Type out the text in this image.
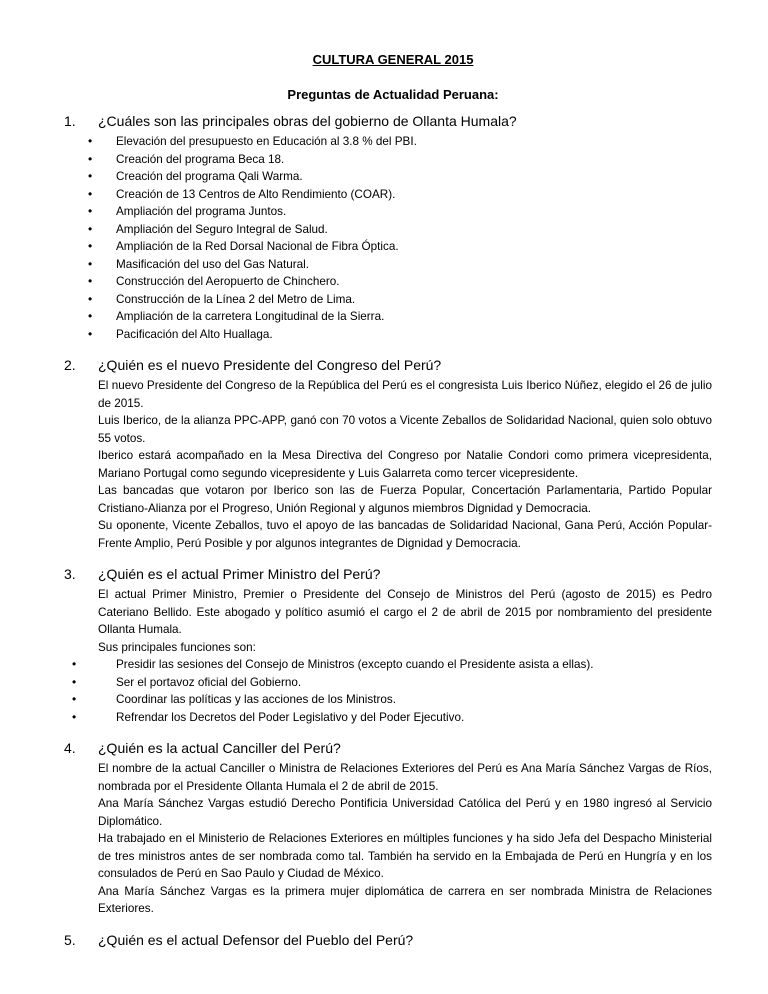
CULTURA GENERAL 2015
Preguntas de Actualidad Peruana:
1.	¿Cuáles son las principales obras del gobierno de Ollanta Humala?
• Elevación del presupuesto en Educación al 3.8 % del PBI.
• Creación del programa Beca 18.
• Creación del programa Qali Warma.
• Creación de 13 Centros de Alto Rendimiento (COAR).
• Ampliación del programa Juntos.
• Ampliación del Seguro Integral de Salud.
• Ampliación de la Red Dorsal Nacional de Fibra Óptica.
• Masificación del uso del Gas Natural.
• Construcción del Aeropuerto de Chinchero.
• Construcción de la Línea 2 del Metro de Lima.
• Ampliación de la carretera Longitudinal de la Sierra.
• Pacificación del Alto Huallaga.
2.	¿Quién es el nuevo Presidente del Congreso del Perú?
El nuevo Presidente del Congreso de la República del Perú es el congresista Luis Iberico Núñez, elegido el 26 de julio de 2015.
Luis Iberico, de la alianza PPC-APP, ganó con 70 votos a Vicente Zeballos de Solidaridad Nacional, quien solo obtuvo 55 votos.
Iberico estará acompañado en la Mesa Directiva del Congreso por Natalie Condori como primera vicepresidenta, Mariano Portugal como segundo vicepresidente y Luis Galarreta como tercer vicepresidente.
Las bancadas que votaron por Iberico son las de Fuerza Popular, Concertación Parlamentaria, Partido Popular Cristiano-Alianza por el Progreso, Unión Regional y algunos miembros Dignidad y Democracia.
Su oponente, Vicente Zeballos, tuvo el apoyo de las bancadas de Solidaridad Nacional, Gana Perú, Acción Popular-Frente Amplio, Perú Posible y por algunos integrantes de Dignidad y Democracia.
3.	¿Quién es el actual Primer Ministro del Perú?
El actual Primer Ministro, Premier o Presidente del Consejo de Ministros del Perú (agosto de 2015) es Pedro Cateriano Bellido. Este abogado y político asumió el cargo el 2 de abril de 2015 por nombramiento del presidente Ollanta Humala.
Sus principales funciones son:
• Presidir las sesiones del Consejo de Ministros (excepto cuando el Presidente asista a ellas).
• Ser el portavoz oficial del Gobierno.
• Coordinar las políticas y las acciones de los Ministros.
• Refrendar los Decretos del Poder Legislativo y del Poder Ejecutivo.
4.	¿Quién es la actual Canciller del Perú?
El nombre de la actual Canciller o Ministra de Relaciones Exteriores del Perú es Ana María Sánchez Vargas de Ríos, nombrada por el Presidente Ollanta Humala el 2 de abril de 2015.
Ana María Sánchez Vargas estudió Derecho Pontificia Universidad Católica del Perú y en 1980 ingresó al Servicio Diplomático.
Ha trabajado en el Ministerio de Relaciones Exteriores en múltiples funciones y ha sido Jefa del Despacho Ministerial de tres ministros antes de ser nombrada como tal. También ha servido en la Embajada de Perú en Hungría y en los consulados de Perú en Sao Paulo y Ciudad de México.
Ana María Sánchez Vargas es la primera mujer diplomática de carrera en ser nombrada Ministra de Relaciones Exteriores.
5.	¿Quién es el actual Defensor del Pueblo del Perú?
